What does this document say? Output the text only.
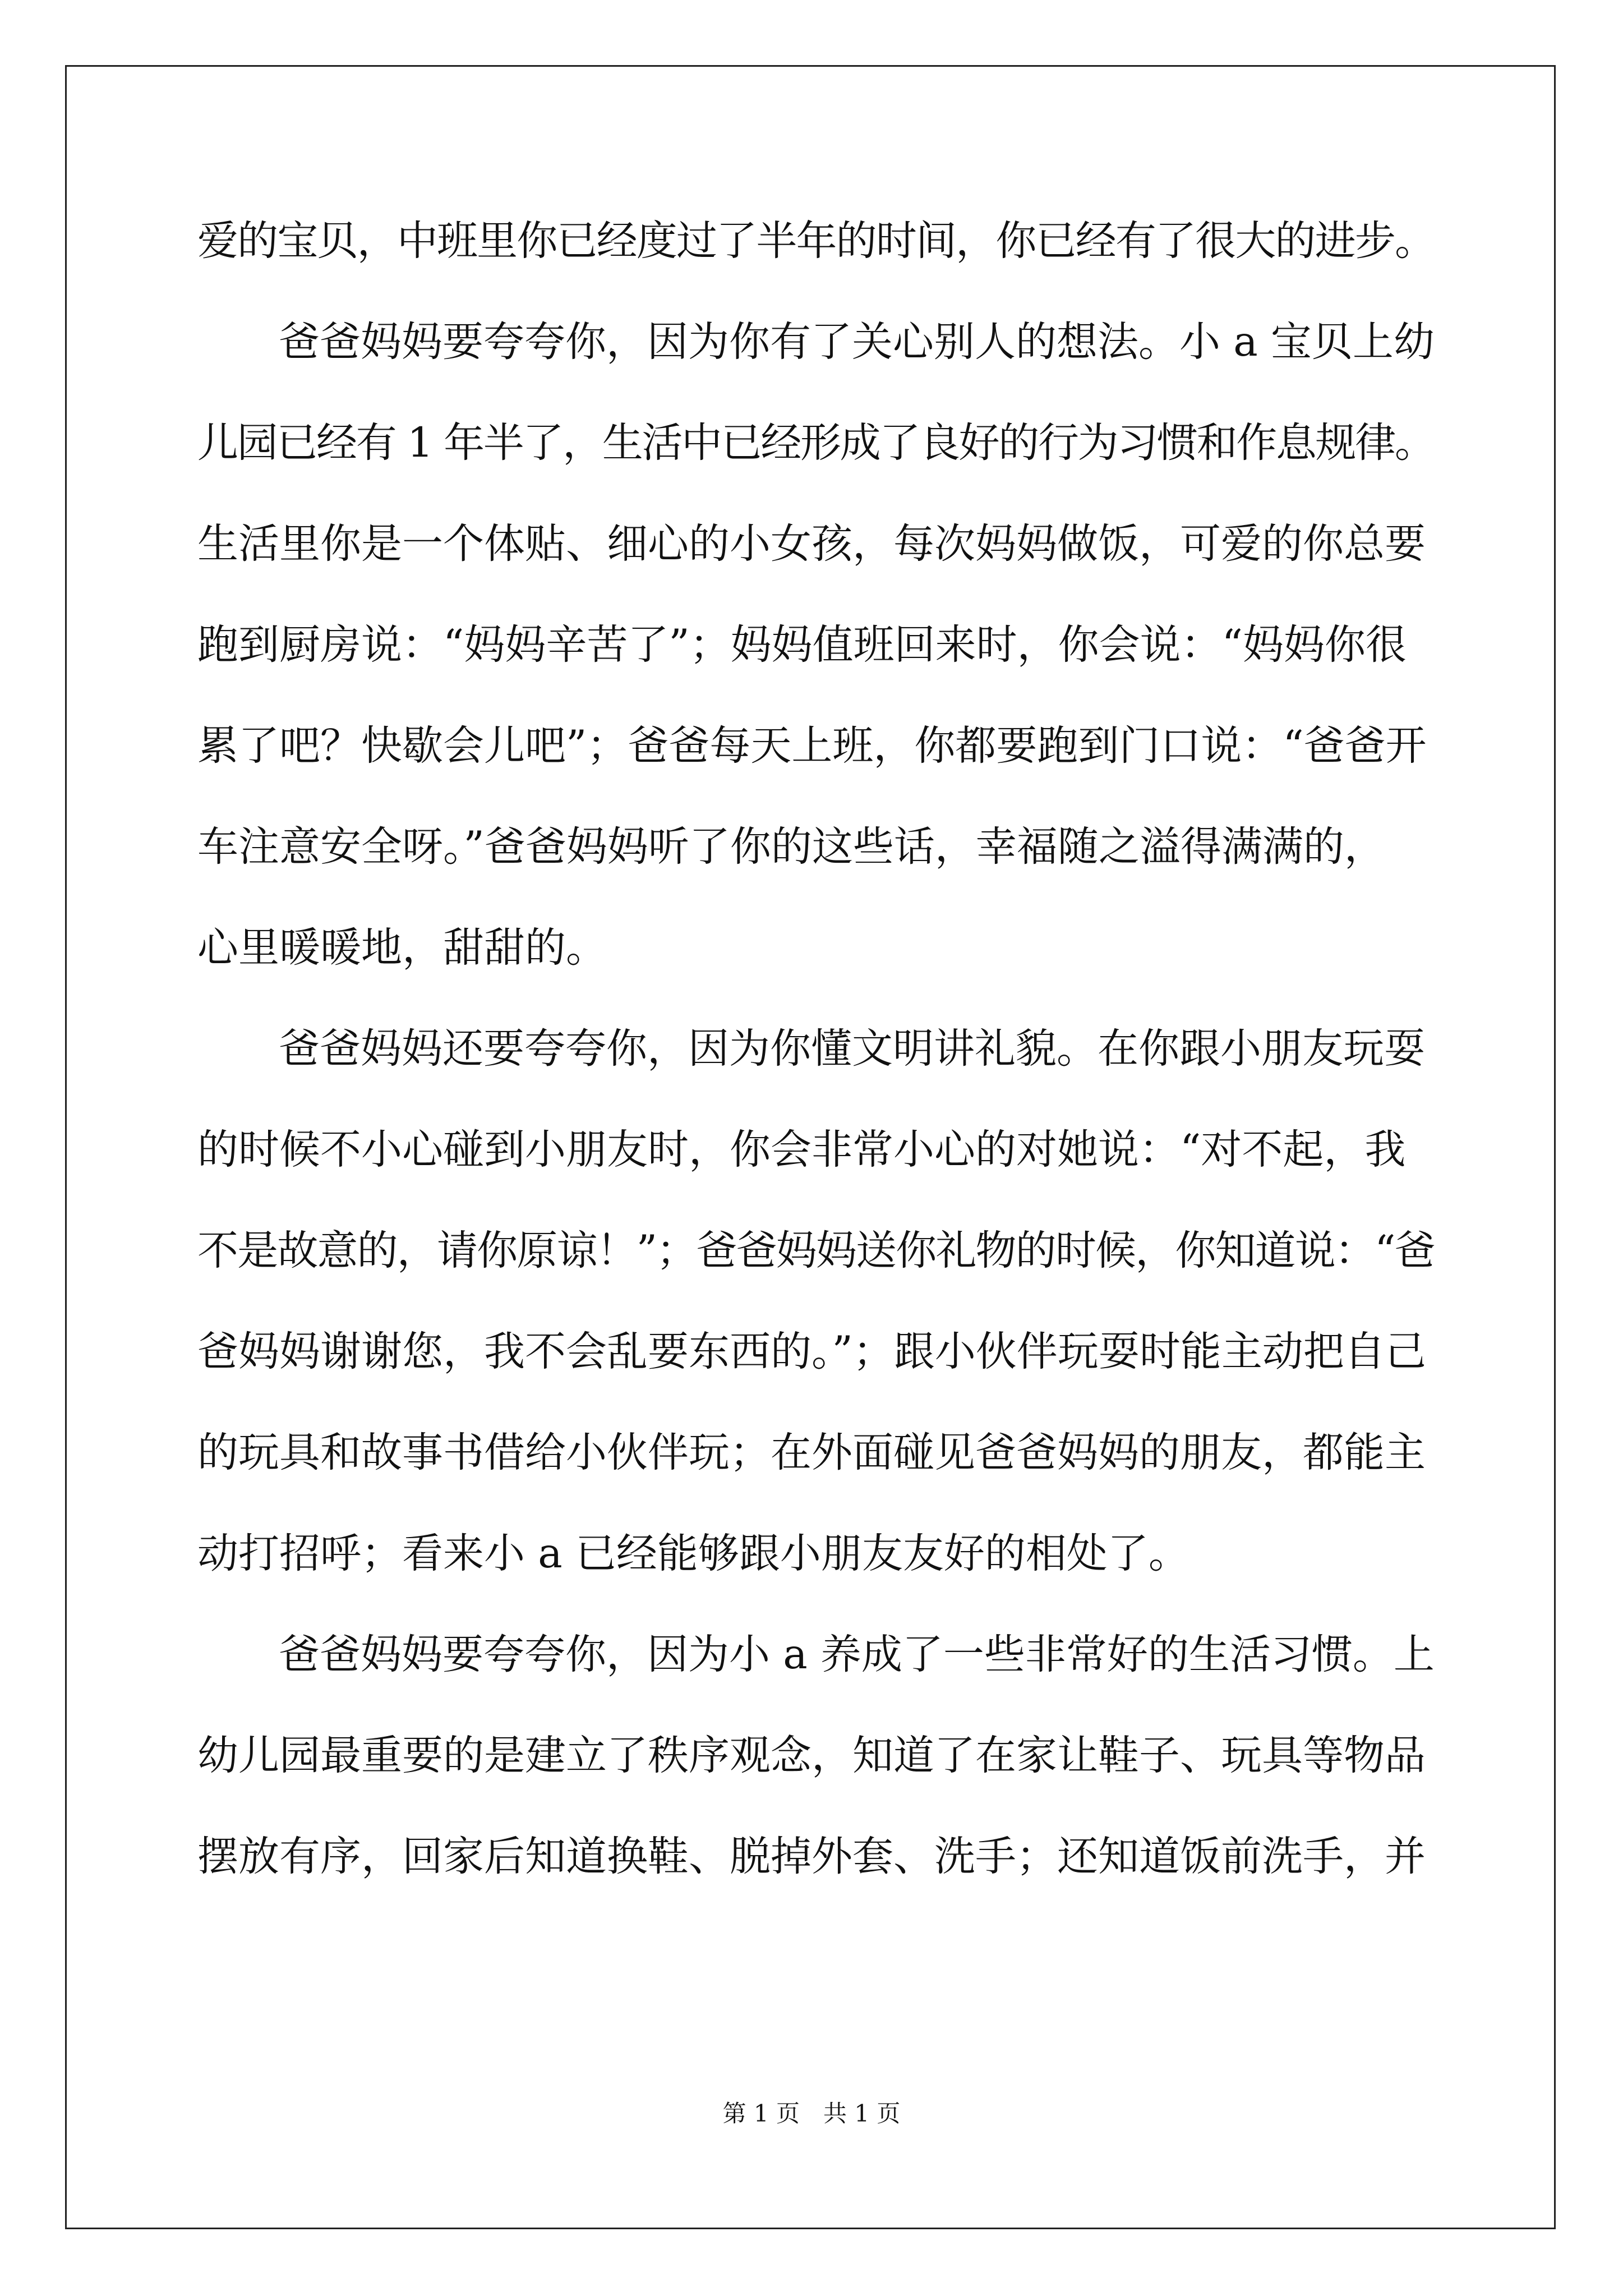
爱的宝贝，中班里你已经度过了半年的时间，你已经有了很大的进步。
爸爸妈妈要夸夸你，因为你有了关心别人的想法。小 a 宝贝上幼
儿园已经有 1 年半了，生活中已经形成了良好的行为习惯和作息规律。
生活里你是一个体贴、细心的小女孩，每次妈妈做饭，可爱的你总要
跑到厨房说：“妈妈辛苦了”；妈妈值班回来时，你会说：“妈妈你很
累了吧？快歇会儿吧”；爸爸每天上班，你都要跑到门口说：“爸爸开
车注意安全呀。”爸爸妈妈听了你的这些话，幸福随之溢得满满的，
心里暖暖地，甜甜的。
爸爸妈妈还要夸夸你，因为你懂文明讲礼貌。在你跟小朋友玩耍
的时候不小心碰到小朋友时，你会非常小心的对她说：“对不起，我
不是故意的，请你原谅！”；爸爸妈妈送你礼物的时候，你知道说：“爸
爸妈妈谢谢您，我不会乱要东西的。”；跟小伙伴玩耍时能主动把自己
的玩具和故事书借给小伙伴玩；在外面碰见爸爸妈妈的朋友，都能主
动打招呼；看来小 a 已经能够跟小朋友友好的相处了。
爸爸妈妈要夸夸你，因为小 a 养成了一些非常好的生活习惯。上
幼儿园最重要的是建立了秩序观念，知道了在家让鞋子、玩具等物品
摆放有序，回家后知道换鞋、脱掉外套、洗手；还知道饭前洗手，并
第 1 页　共 1 页
